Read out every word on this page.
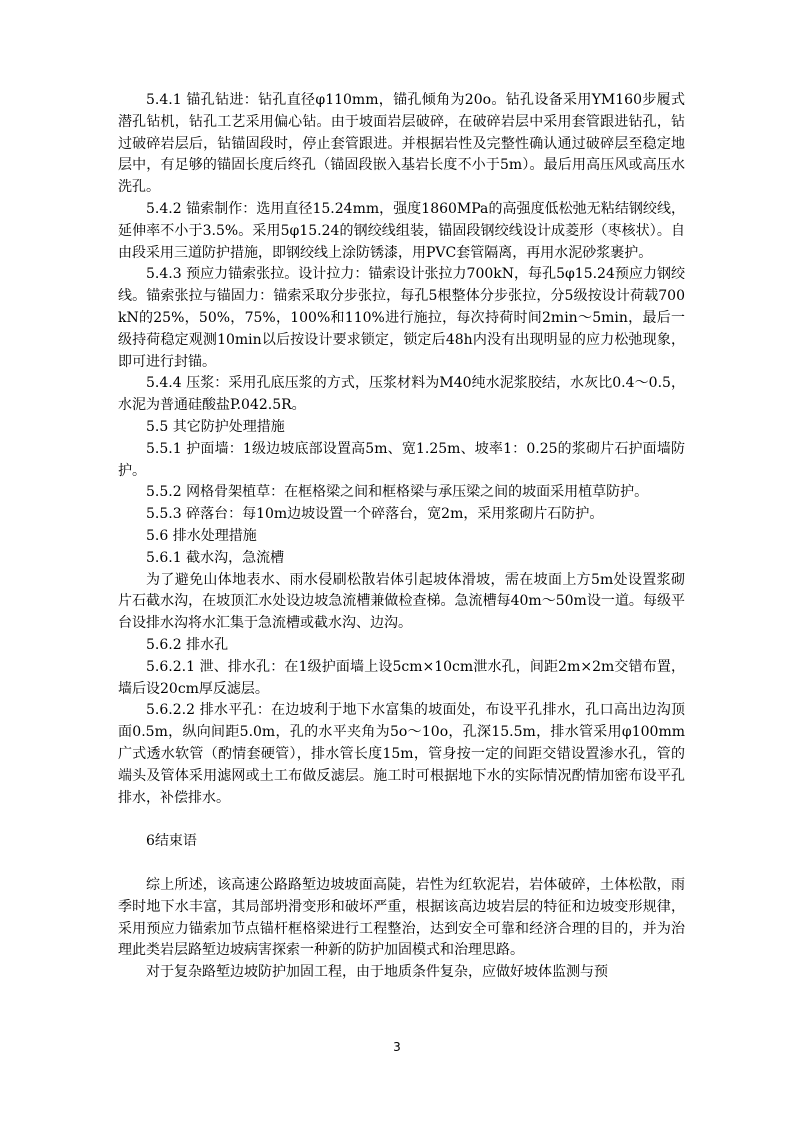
5.4.1 锚孔钻进：钻孔直径φ110mm，锚孔倾角为20o。钻孔设备采用YM160步履式潜孔钻机，钻孔工艺采用偏心钻。由于坡面岩层破碎，在破碎岩层中采用套管跟进钻孔，钻过破碎岩层后，钻锚固段时，停止套管跟进。并根据岩性及完整性确认通过破碎层至稳定地层中，有足够的锚固长度后终孔（锚固段嵌入基岩长度不小于5m）。最后用高压风或高压水洗孔。

5.4.2 锚索制作：选用直径15.24mm，强度1860MPa的高强度低松弛无粘结钢绞线，延伸率不小于3.5%。采用5φ15.24的钢绞线组装，锚固段钢绞线设计成菱形（枣核状）。自由段采用三道防护措施，即钢绞线上涂防锈漆，用PVC套管隔离，再用水泥砂浆裹护。

5.4.3 预应力锚索张拉。设计拉力：锚索设计张拉力700kN，每孔5φ15.24预应力钢绞线。锚索张拉与锚固力：锚索采取分步张拉，每孔5根整体分步张拉，分5级按设计荷载700kN的25%，50%，75%，100%和110%进行施拉，每次持荷时间2min～5min，最后一级持荷稳定观测10min以后按设计要求锁定，锁定后48h内没有出现明显的应力松弛现象，即可进行封锚。

5.4.4 压浆：采用孔底压浆的方式，压浆材料为M40纯水泥浆胶结，水灰比0.4～0.5，水泥为普通硅酸盐P.042.5R。

5.5 其它防护处理措施

5.5.1 护面墙：1级边坡底部设置高5m、宽1.25m、坡率1：0.25的浆砌片石护面墙防护。

5.5.2 网格骨架植草：在框格梁之间和框格梁与承压梁之间的坡面采用植草防护。

5.5.3 碎落台：每10m边坡设置一个碎落台，宽2m，采用浆砌片石防护。

5.6 排水处理措施

5.6.1 截水沟，急流槽

为了避免山体地表水、雨水侵刷松散岩体引起坡体滑坡，需在坡面上方5m处设置浆砌片石截水沟，在坡顶汇水处设边坡急流槽兼做检查梯。急流槽每40m～50m设一道。每级平台设排水沟将水汇集于急流槽或截水沟、边沟。

5.6.2 排水孔

5.6.2.1 泄、排水孔：在1级护面墙上设5cm×10cm泄水孔，间距2m×2m交错布置，墙后设20cm厚反滤层。

5.6.2.2 排水平孔：在边坡利于地下水富集的坡面处，布设平孔排水，孔口高出边沟顶面0.5m，纵向间距5.0m，孔的水平夹角为5o～10o，孔深15.5m，排水管采用φ100mm广式透水软管（酌情套硬管），排水管长度15m，管身按一定的间距交错设置渗水孔，管的端头及管体采用滤网或土工布做反滤层。施工时可根据地下水的实际情况酌情加密布设平孔排水，补偿排水。

6结束语

综上所述，该高速公路路堑边坡坡面高陡，岩性为红软泥岩，岩体破碎，土体松散，雨季时地下水丰富，其局部坍滑变形和破坏严重，根据该高边坡岩层的特征和边坡变形规律，采用预应力锚索加节点锚杆框格梁进行工程整治，达到安全可靠和经济合理的目的，并为治理此类岩层路堑边坡病害探索一种新的防护加固模式和治理思路。

对于复杂路堑边坡防护加固工程，由于地质条件复杂，应做好坡体监测与预

3
